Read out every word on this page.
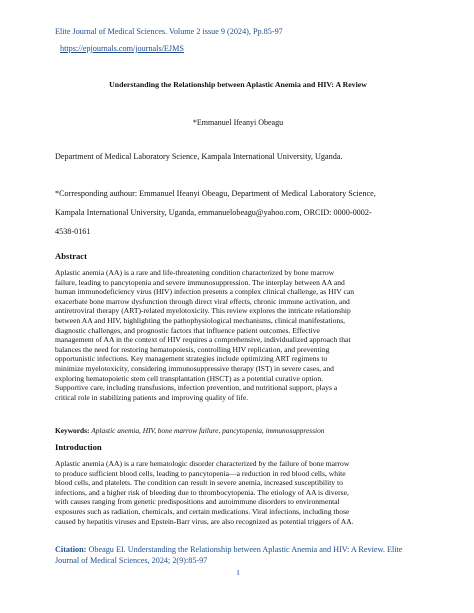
Elite Journal of Medical Sciences. Volume 2 issue 9 (2024), Pp.85-97
https://epjournals.com/journals/EJMS
Understanding the Relationship between Aplastic Anemia and HIV: A Review
*Emmanuel Ifeanyi Obeagu
Department of Medical Laboratory Science, Kampala International University, Uganda.
*Corresponding authour: Emmanuel Ifeanyi Obeagu, Department of Medical Laboratory Science,
Kampala International University, Uganda, emmanuelobeagu@yahoo.com, ORCID: 0000-0002-
4538-0161
Abstract
Aplastic anemia (AA) is a rare and life-threatening condition characterized by bone marrow
failure, leading to pancytopenia and severe immunosuppression. The interplay between AA and
human immunodeficiency virus (HIV) infection presents a complex clinical challenge, as HIV can
exacerbate bone marrow dysfunction through direct viral effects, chronic immune activation, and
antiretroviral therapy (ART)-related myelotoxicity. This review explores the intricate relationship
between AA and HIV, highlighting the pathophysiological mechanisms, clinical manifestations,
diagnostic challenges, and prognostic factors that influence patient outcomes. Effective
management of AA in the context of HIV requires a comprehensive, individualized approach that
balances the need for restoring hematopoiesis, controlling HIV replication, and preventing
opportunistic infections. Key management strategies include optimizing ART regimens to
minimize myelotoxicity, considering immunosuppressive therapy (IST) in severe cases, and
exploring hematopoietic stem cell transplantation (HSCT) as a potential curative option.
Supportive care, including transfusions, infection prevention, and nutritional support, plays a
critical role in stabilizing patients and improving quality of life.
Keywords: Aplastic anemia, HIV, bone marrow failure, pancytopenia, immunosuppression
Introduction
Aplastic anemia (AA) is a rare hematologic disorder characterized by the failure of bone marrow
to produce sufficient blood cells, leading to pancytopenia—a reduction in red blood cells, white
blood cells, and platelets. The condition can result in severe anemia, increased susceptibility to
infections, and a higher risk of bleeding due to thrombocytopenia. The etiology of AA is diverse,
with causes ranging from genetic predispositions and autoimmune disorders to environmental
exposures such as radiation, chemicals, and certain medications. Viral infections, including those
caused by hepatitis viruses and Epstein-Barr virus, are also recognized as potential triggers of AA.
Citation: Obeagu EI. Understanding the Relationship between Aplastic Anemia and HIV: A Review. Elite Journal of Medical Sciences, 2024; 2(9):85-97
1
